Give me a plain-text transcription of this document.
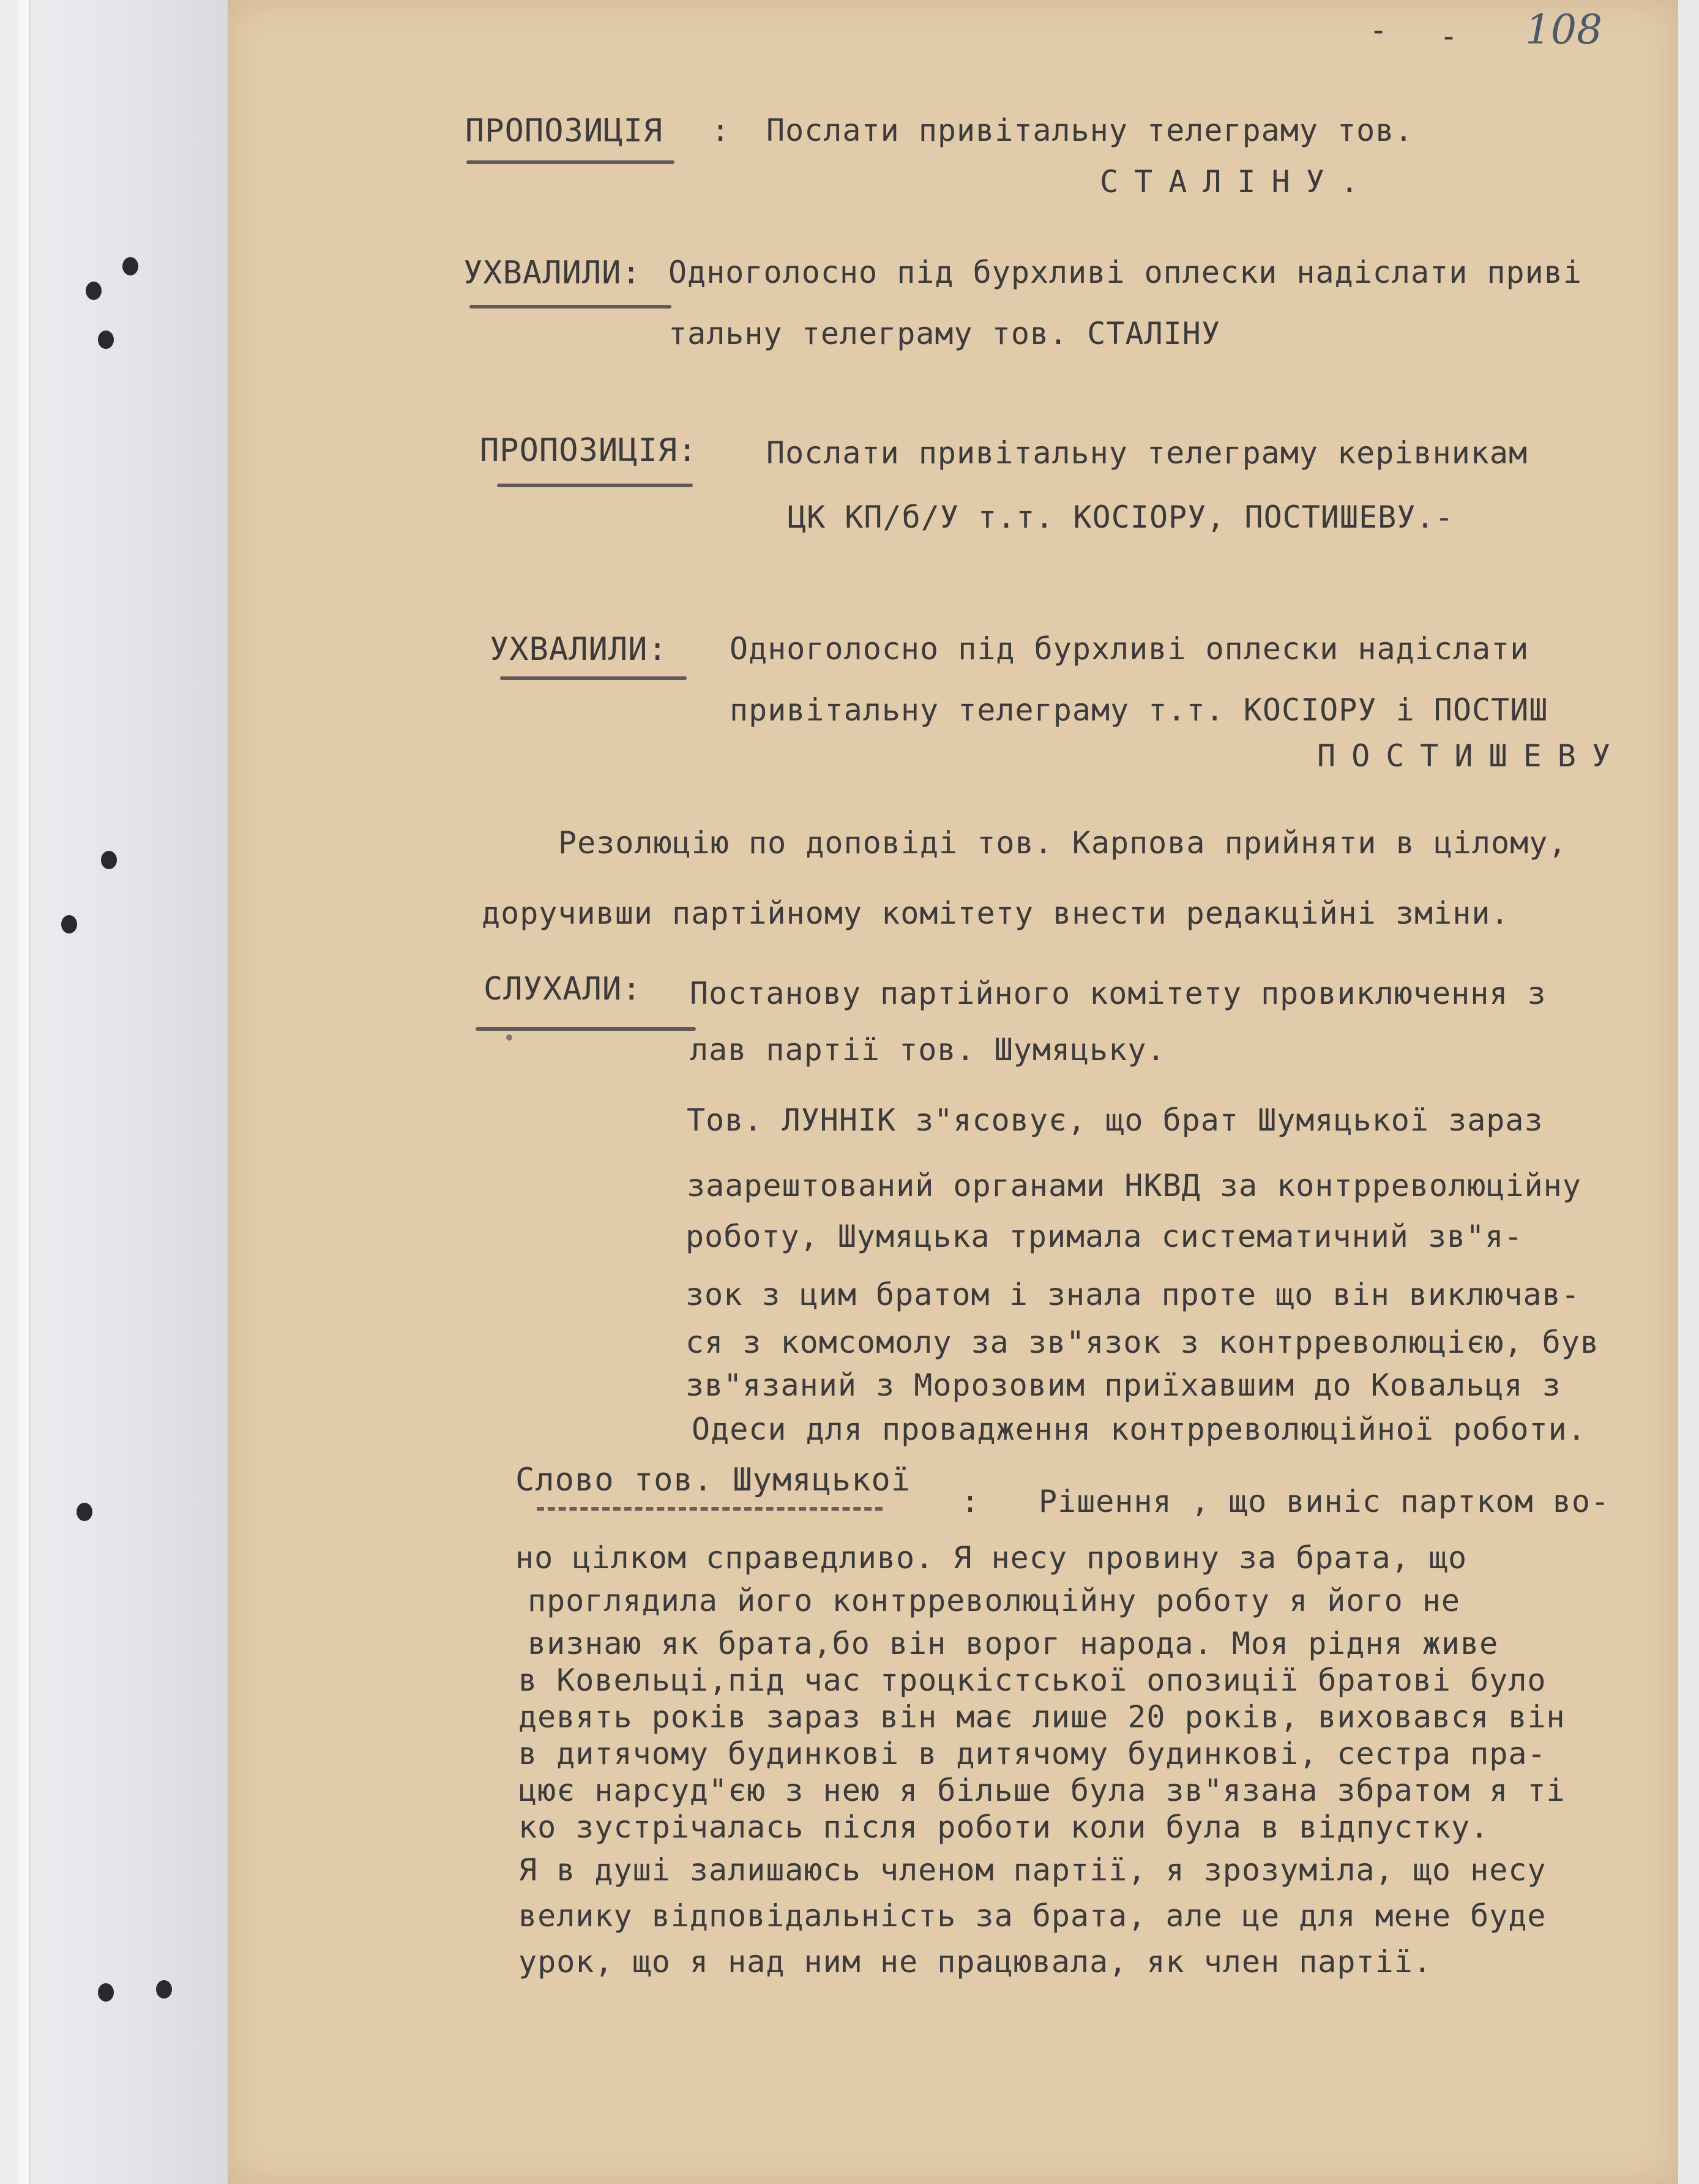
- - 108
ПРОПОЗИЦІЯ : Послати привітальну телеграму тов.
СТАЛІНУ.
УХВАЛИЛИ: Одноголосно під бурхливі оплески надіслати приві
тальну телеграму тов. СТАЛІНУ
ПРОПОЗИЦІЯ: Послати привітальну телеграму керівникам
ЦК КП/б/У т.т. КОСІОРУ, ПОСТИШЕВУ.-
УХВАЛИЛИ: Одноголосно під бурхливі оплески надіслати
привітальну телеграму т.т. КОСІОРУ і ПОСТИШ
ПОСТИШЕВУ
Резолюцію по доповіді тов. Карпова прийняти в цілому,
доручивши партійному комітету внести редакційні зміни.
СЛУХАЛИ: Постанову партійного комітету провиключення з
лав партії тов. Шумяцьку.
Тов. ЛУННІК з"ясовує, що брат Шумяцької зараз
заарештований органами НКВД за контрреволюційну
роботу, Шумяцька тримала систематичний зв"я-
зок з цим братом і знала проте що він виключав-
ся з комсомолу за зв"язок з контрреволюцією, був
зв"язаний з Морозовим приїхавшим до Ковальця з
Одеси для провадження контрреволюційної роботи.
Слово тов. Шумяцької
: Рішення , що виніс партком во-
но цілком справедливо. Я несу провину за брата, що
проглядила його контрреволюційну роботу я його не
визнаю як брата,бо він ворог народа. Моя рідня живе
в Ковельці,під час троцкістської опозиції братові було
девять років зараз він має лише 20 років, виховався він
в дитячому будинкові в дитячому будинкові, сестра пра-
цює нарсуд"єю з нею я більше була зв"язана збратом я ті
ко зустрічалась після роботи коли була в відпустку.
Я в душі залишаюсь членом партії, я зрозуміла, що несу
велику відповідальність за брата, але це для мене буде
урок, що я над ним не працювала, як член партії.
